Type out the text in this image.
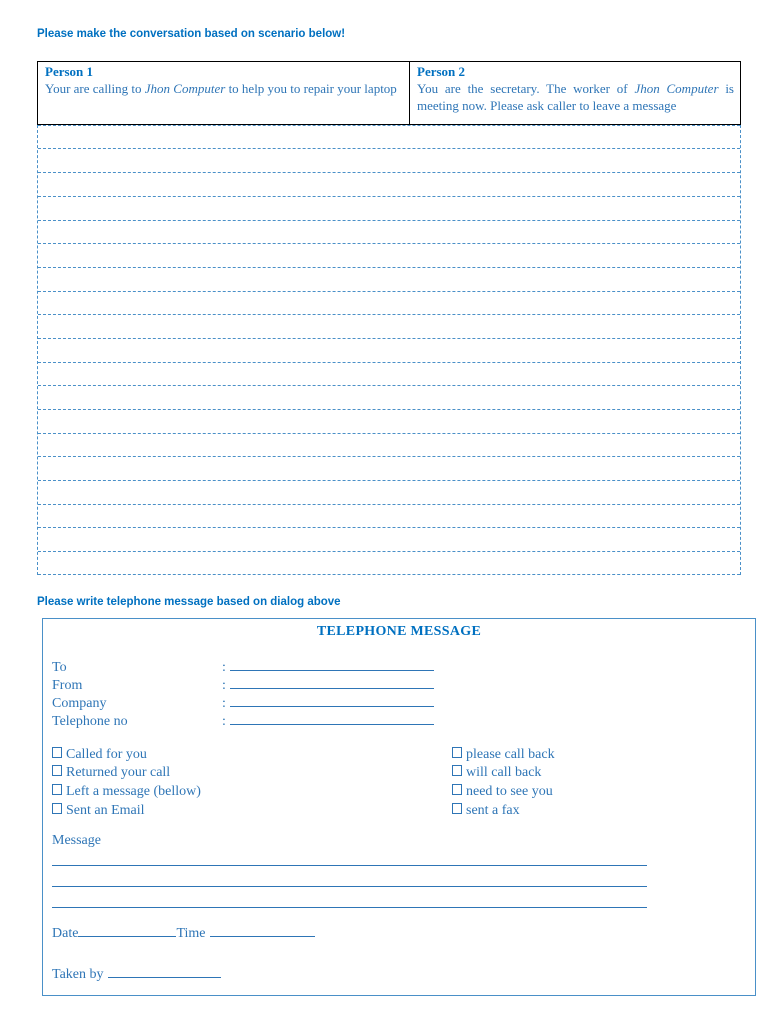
Please make the conversation based on scenario below!
Person 1
Your are calling to Jhon Computer to help you to repair your laptop
Person 2
You are the secretary. The worker of Jhon Computer is meeting now. Please ask caller to leave a message
Please write telephone message based on dialog above
TELEPHONE MESSAGE
To	:
From	:
Company	:
Telephone no	:
Called for you
Returned your call
Left a message (bellow)
Sent an Email
please call back
will call back
need to see you
sent a fax
Message
Date	Time
Taken by
